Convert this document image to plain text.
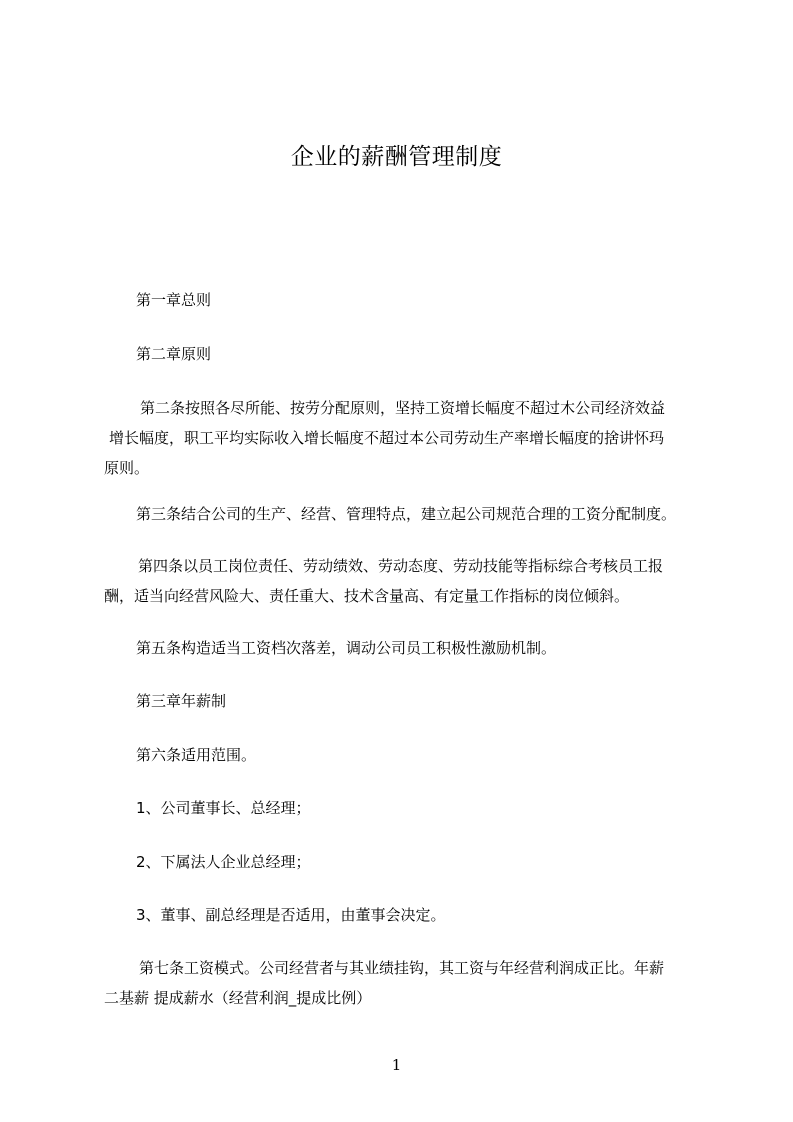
企业的薪酬管理制度
第一章总则
第二章原则
第二条按照各尽所能、按劳分配原则，坚持工资增长幅度不超过木公司经济效益
增长幅度，职工平均实际收入增长幅度不超过本公司劳动生产率增长幅度的捨讲怀玛
原则。
第三条结合公司的生产、经营、管理特点，建立起公司规范合理的工资分配制度。
第四条以员工岗位责任、劳动绩效、劳动态度、劳动技能等指标综合考核员工报
酬，适当向经营风险大、责任重大、技术含量高、有定量工作指标的岗位倾斜。
第五条构造适当工资档次落差，调动公司员工积极性激励机制。
第三章年薪制
第六条适用范围。
1、公司董事长、总经理；
2、下属法人企业总经理；
3、董事、副总经理是否适用，由董事会决定。
第七条工资模式。公司经营者与其业绩挂钩，其工资与年经营利润成正比。年薪
二基薪 提成薪水（经营利润_提成比例）
1
